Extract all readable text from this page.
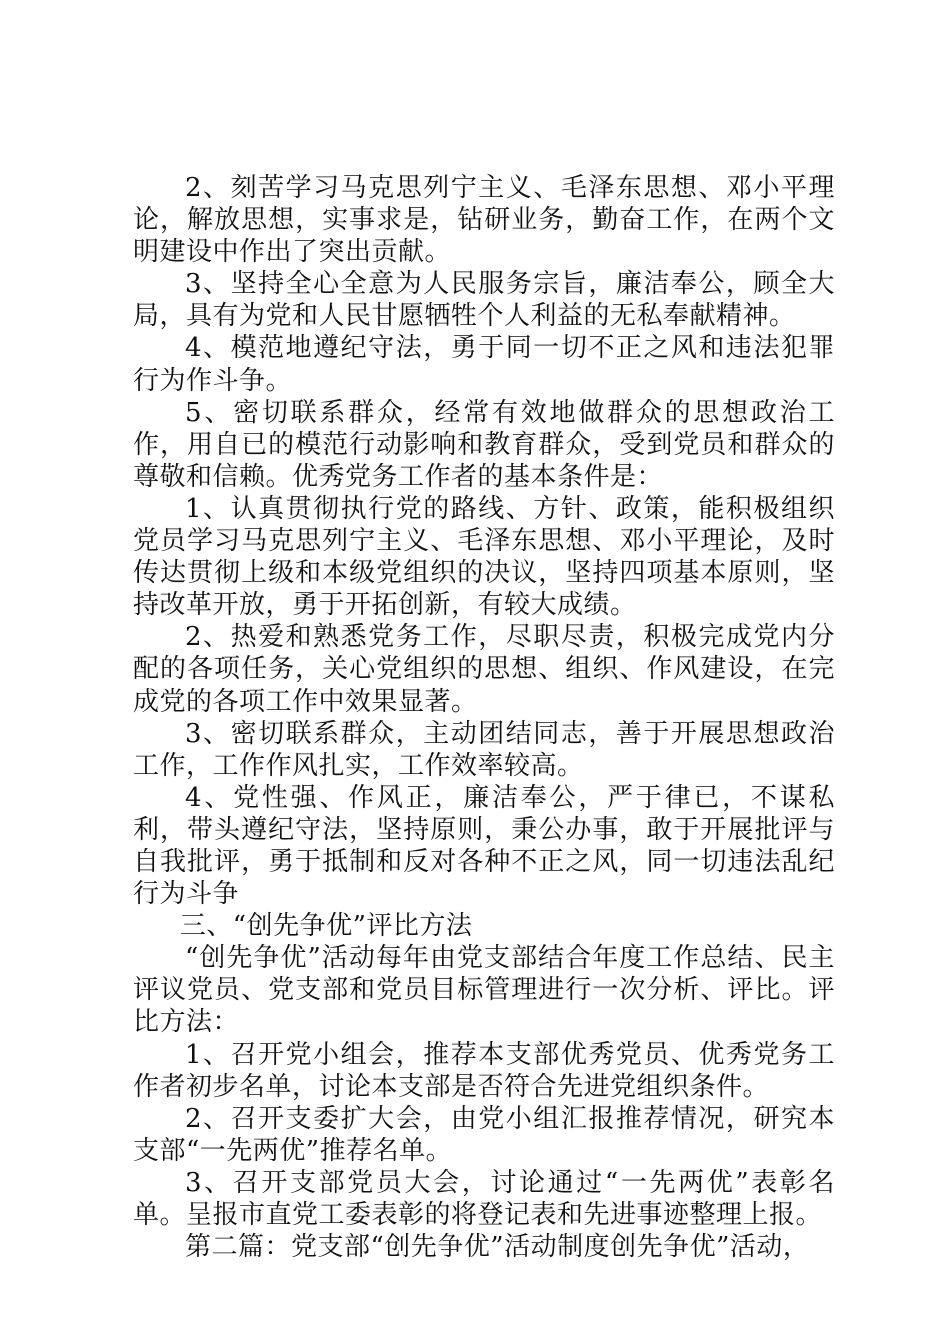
2、刻苦学习马克思列宁主义、毛泽东思想、邓小平理论，解放思想，实事求是，钻研业务，勤奋工作，在两个文明建设中作出了突出贡献。

3、坚持全心全意为人民服务宗旨，廉洁奉公，顾全大局，具有为党和人民甘愿牺牲个人利益的无私奉献精神。

4、模范地遵纪守法，勇于同一切不正之风和违法犯罪行为作斗争。

5、密切联系群众，经常有效地做群众的思想政治工作，用自已的模范行动影响和教育群众，受到党员和群众的尊敬和信赖。优秀党务工作者的基本条件是：

1、认真贯彻执行党的路线、方针、政策，能积极组织党员学习马克思列宁主义、毛泽东思想、邓小平理论，及时传达贯彻上级和本级党组织的决议，坚持四项基本原则，坚持改革开放，勇于开拓创新，有较大成绩。

2、热爱和熟悉党务工作，尽职尽责，积极完成党内分配的各项任务，关心党组织的思想、组织、作风建设，在完成党的各项工作中效果显著。

3、密切联系群众，主动团结同志，善于开展思想政治工作，工作作风扎实，工作效率较高。

4、党性强、作风正，廉洁奉公，严于律已，不谋私利，带头遵纪守法，坚持原则，秉公办事，敢于开展批评与自我批评，勇于抵制和反对各种不正之风，同一切违法乱纪行为斗争

三、“创先争优”评比方法

“创先争优”活动每年由党支部结合年度工作总结、民主评议党员、党支部和党员目标管理进行一次分析、评比。评比方法：

1、召开党小组会，推荐本支部优秀党员、优秀党务工作者初步名单，讨论本支部是否符合先进党组织条件。

2、召开支委扩大会，由党小组汇报推荐情况，研究本支部“一先两优”推荐名单。

3、召开支部党员大会，讨论通过“一先两优”表彰名单。呈报市直党工委表彰的将登记表和先进事迹整理上报。

第二篇：党支部“创先争优”活动制度创先争优”活动，
